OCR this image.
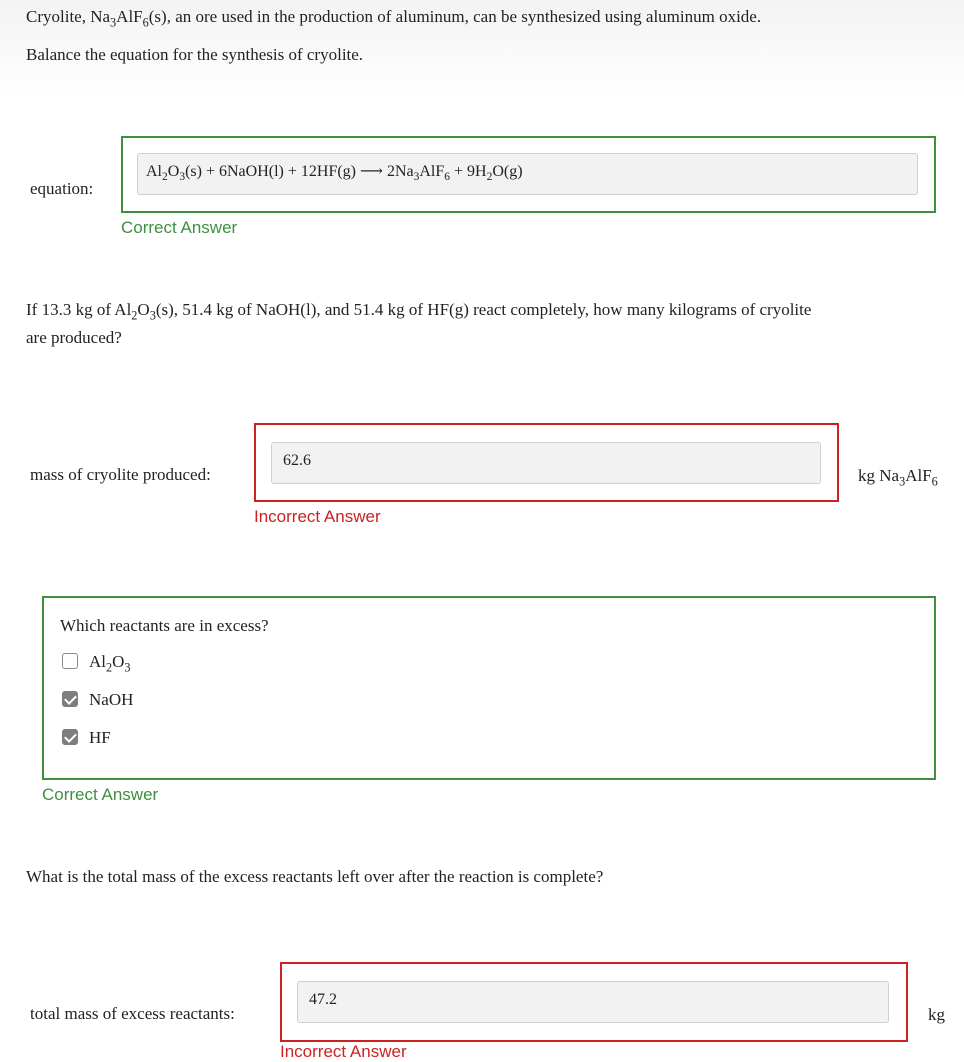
Cryolite, $Na_3AlF_6(s)$, an ore used in the production of aluminum, can be synthesized using aluminum oxide.
Balance the equation for the synthesis of cryolite.
equation:
$Al_2O_3(s)$ + 6NaOH(l) + 12HF(g) ⟶ $2Na_3AlF_6 + 9H_2O(g)$
Correct Answer
If 13.3 kg of $Al_2O_3(s)$, 51.4 kg of NaOH(l), and 51.4 kg of HF(g) react completely, how many kilograms of cryolite
are produced?
mass of cryolite produced:
62.6
kg $Na_3AlF_6$
Incorrect Answer
Which reactants are in excess?
$Al_2O_3$
NaOH
HF
Correct Answer
What is the total mass of the excess reactants left over after the reaction is complete?
total mass of excess reactants:
47.2
kg
Incorrect Answer
